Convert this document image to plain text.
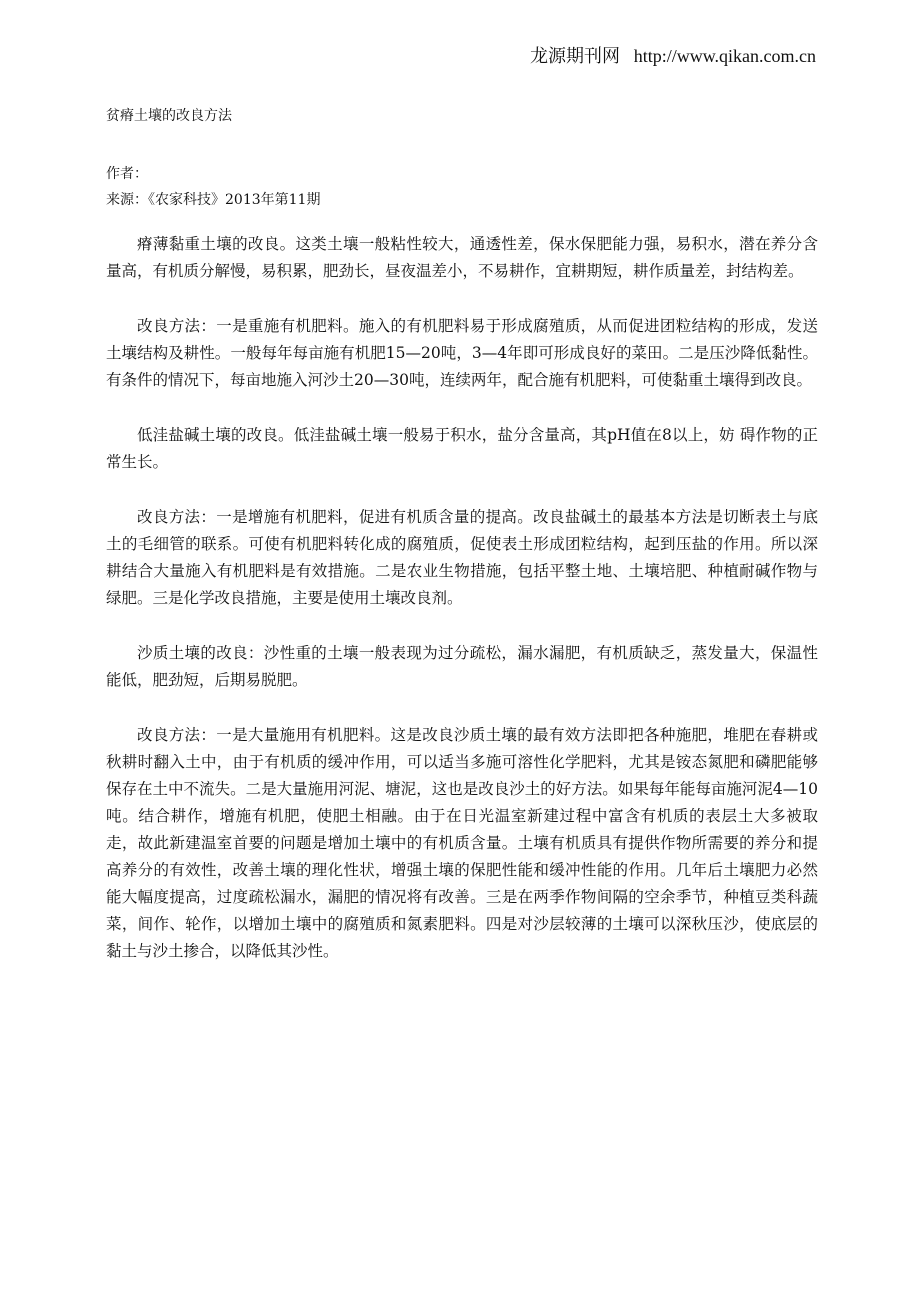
龙源期刊网 http://www.qikan.com.cn
贫瘠土壤的改良方法
作者：
来源：《农家科技》2013年第11期

瘠薄黏重土壤的改良。这类土壤一般粘性较大，通透性差，保水保肥能力强，易积水，潜在养分含量高，有机质分解慢，易积累，肥劲长，昼夜温差小，不易耕作，宜耕期短，耕作质量差，封结构差。

改良方法：一是重施有机肥料。施入的有机肥料易于形成腐殖质，从而促进团粒结构的形成，发送土壤结构及耕性。一般每年每亩施有机肥15—20吨，3—4年即可形成良好的菜田。二是压沙降低黏性。有条件的情况下，每亩地施入河沙土20—30吨，连续两年，配合施有机肥料，可使黏重土壤得到改良。

低洼盐碱土壤的改良。低洼盐碱土壤一般易于积水，盐分含量高，其pH值在8以上，妨 碍作物的正常生长。

改良方法：一是增施有机肥料，促进有机质含量的提高。改良盐碱土的最基本方法是切断表土与底土的毛细管的联系。可使有机肥料转化成的腐殖质，促使表土形成团粒结构，起到压盐的作用。所以深耕结合大量施入有机肥料是有效措施。二是农业生物措施，包括平整土地、土壤培肥、种植耐碱作物与绿肥。三是化学改良措施，主要是使用土壤改良剂。

沙质土壤的改良：沙性重的土壤一般表现为过分疏松，漏水漏肥，有机质缺乏，蒸发量大，保温性能低，肥劲短，后期易脱肥。

改良方法：一是大量施用有机肥料。这是改良沙质土壤的最有效方法即把各种施肥，堆肥在春耕或秋耕时翻入土中，由于有机质的缓冲作用，可以适当多施可溶性化学肥料，尤其是铵态氮肥和磷肥能够保存在土中不流失。二是大量施用河泥、塘泥，这也是改良沙土的好方法。如果每年能每亩施河泥4—10吨。结合耕作，增施有机肥，使肥土相融。由于在日光温室新建过程中富含有机质的表层土大多被取走，故此新建温室首要的问题是增加土壤中的有机质含量。土壤有机质具有提供作物所需要的养分和提高养分的有效性，改善土壤的理化性状，增强土壤的保肥性能和缓冲性能的作用。几年后土壤肥力必然能大幅度提高，过度疏松漏水，漏肥的情况将有改善。三是在两季作物间隔的空余季节，种植豆类科蔬菜，间作、轮作，以增加土壤中的腐殖质和氮素肥料。四是对沙层较薄的土壤可以深秋压沙，使底层的黏土与沙土掺合，以降低其沙性。
